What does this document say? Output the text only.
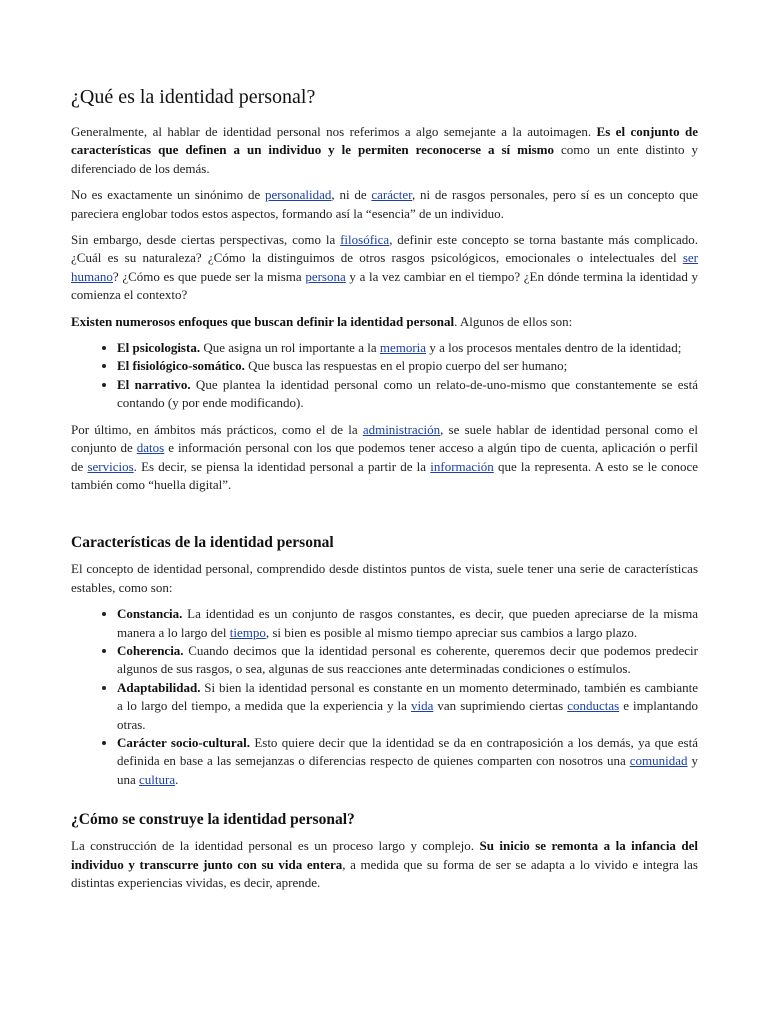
¿Qué es la identidad personal?

Generalmente, al hablar de identidad personal nos referimos a algo semejante a la autoimagen. Es el conjunto de características que definen a un individuo y le permiten reconocerse a sí mismo como un ente distinto y diferenciado de los demás.

No es exactamente un sinónimo de personalidad, ni de carácter, ni de rasgos personales, pero sí es un concepto que pareciera englobar todos estos aspectos, formando así la “esencia” de un individuo.

Sin embargo, desde ciertas perspectivas, como la filosófica, definir este concepto se torna bastante más complicado. ¿Cuál es su naturaleza? ¿Cómo la distinguimos de otros rasgos psicológicos, emocionales o intelectuales del ser humano? ¿Cómo es que puede ser la misma persona y a la vez cambiar en el tiempo? ¿En dónde termina la identidad y comienza el contexto?

Existen numerosos enfoques que buscan definir la identidad personal. Algunos de ellos son:

• El psicologista. Que asigna un rol importante a la memoria y a los procesos mentales dentro de la identidad;
• El fisiológico-somático. Que busca las respuestas en el propio cuerpo del ser humano;
• El narrativo. Que plantea la identidad personal como un relato-de-uno-mismo que constantemente se está contando (y por ende modificando).

Por último, en ámbitos más prácticos, como el de la administración, se suele hablar de identidad personal como el conjunto de datos e información personal con los que podemos tener acceso a algún tipo de cuenta, aplicación o perfil de servicios. Es decir, se piensa la identidad personal a partir de la información que la representa. A esto se le conoce también como “huella digital”.

Características de la identidad personal

El concepto de identidad personal, comprendido desde distintos puntos de vista, suele tener una serie de características estables, como son:

• Constancia. La identidad es un conjunto de rasgos constantes, es decir, que pueden apreciarse de la misma manera a lo largo del tiempo, si bien es posible al mismo tiempo apreciar sus cambios a largo plazo.
• Coherencia. Cuando decimos que la identidad personal es coherente, queremos decir que podemos predecir algunos de sus rasgos, o sea, algunas de sus reacciones ante determinadas condiciones o estímulos.
• Adaptabilidad. Si bien la identidad personal es constante en un momento determinado, también es cambiante a lo largo del tiempo, a medida que la experiencia y la vida van suprimiendo ciertas conductas e implantando otras.
• Carácter socio-cultural. Esto quiere decir que la identidad se da en contraposición a los demás, ya que está definida en base a las semejanzas o diferencias respecto de quienes comparten con nosotros una comunidad y una cultura.
¿Cómo se construye la identidad personal?

La construcción de la identidad personal es un proceso largo y complejo. Su inicio se remonta a la infancia del individuo y transcurre junto con su vida entera, a medida que su forma de ser se adapta a lo vivido e integra las distintas experiencias vividas, es decir, aprende.
